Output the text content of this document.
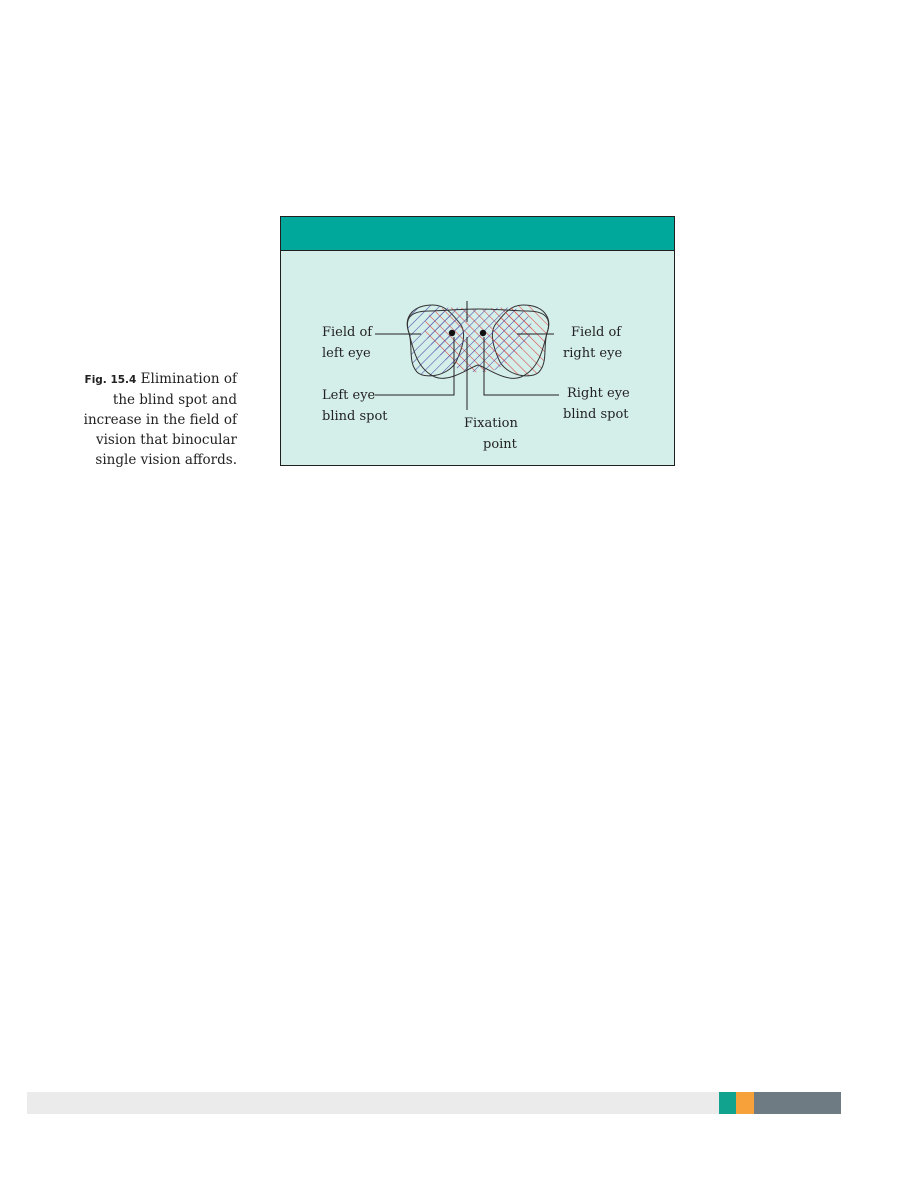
Fig. 15.4 Elimination of the blind spot and increase in the field of vision that binocular single vision affords.
Field of
left eye
Field of
right eye
Left eye
blind spot
Right eye
blind spot
Fixation
point
